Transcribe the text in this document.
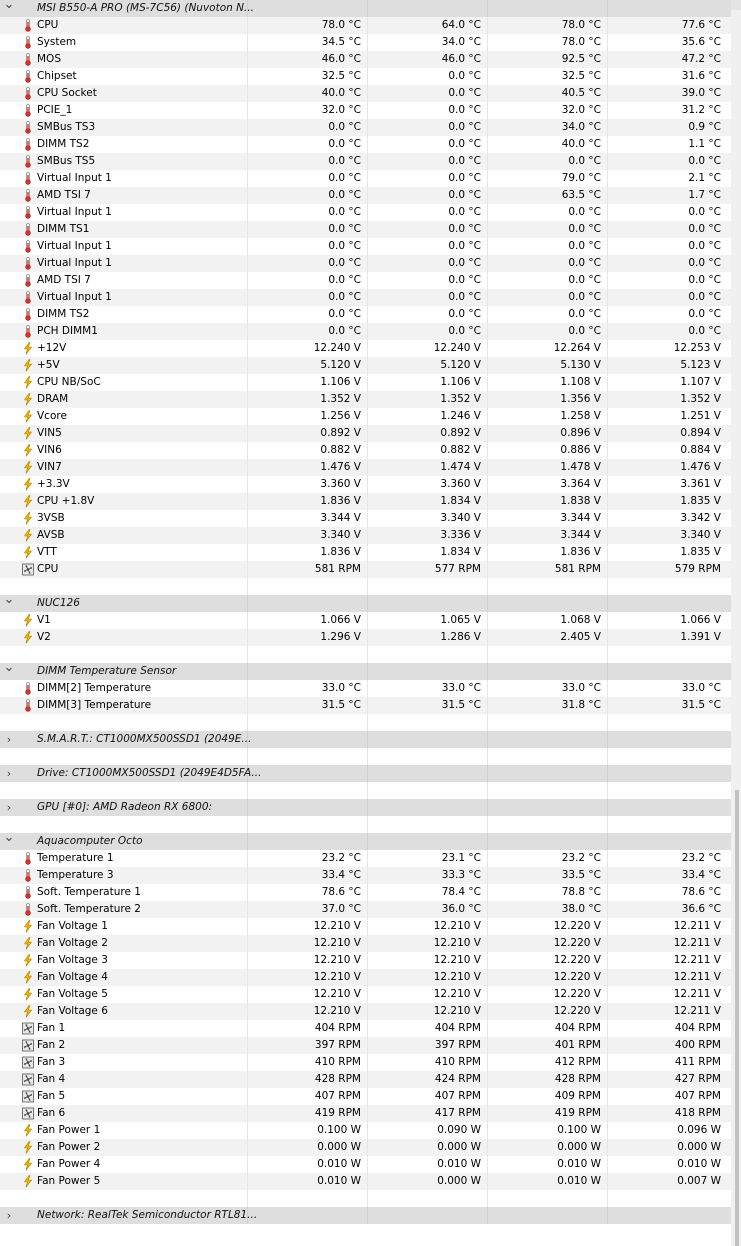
⌄ MSI B550-A PRO (MS-7C56) (Nuvoton N...
CPU	78.0 °C	64.0 °C	78.0 °C	77.6 °C
System	34.5 °C	34.0 °C	78.0 °C	35.6 °C
MOS	46.0 °C	46.0 °C	92.5 °C	47.2 °C
Chipset	32.5 °C	0.0 °C	32.5 °C	31.6 °C
CPU Socket	40.0 °C	0.0 °C	40.5 °C	39.0 °C
PCIE_1	32.0 °C	0.0 °C	32.0 °C	31.2 °C
SMBus TS3	0.0 °C	0.0 °C	34.0 °C	0.9 °C
DIMM TS2	0.0 °C	0.0 °C	40.0 °C	1.1 °C
SMBus TS5	0.0 °C	0.0 °C	0.0 °C	0.0 °C
Virtual Input 1	0.0 °C	0.0 °C	79.0 °C	2.1 °C
AMD TSI 7	0.0 °C	0.0 °C	63.5 °C	1.7 °C
Virtual Input 1	0.0 °C	0.0 °C	0.0 °C	0.0 °C
DIMM TS1	0.0 °C	0.0 °C	0.0 °C	0.0 °C
Virtual Input 1	0.0 °C	0.0 °C	0.0 °C	0.0 °C
Virtual Input 1	0.0 °C	0.0 °C	0.0 °C	0.0 °C
AMD TSI 7	0.0 °C	0.0 °C	0.0 °C	0.0 °C
Virtual Input 1	0.0 °C	0.0 °C	0.0 °C	0.0 °C
DIMM TS2	0.0 °C	0.0 °C	0.0 °C	0.0 °C
PCH DIMM1	0.0 °C	0.0 °C	0.0 °C	0.0 °C
+12V	12.240 V	12.240 V	12.264 V	12.253 V
+5V	5.120 V	5.120 V	5.130 V	5.123 V
CPU NB/SoC	1.106 V	1.106 V	1.108 V	1.107 V
DRAM	1.352 V	1.352 V	1.356 V	1.352 V
Vcore	1.256 V	1.246 V	1.258 V	1.251 V
VIN5	0.892 V	0.892 V	0.896 V	0.894 V
VIN6	0.882 V	0.882 V	0.886 V	0.884 V
VIN7	1.476 V	1.474 V	1.478 V	1.476 V
+3.3V	3.360 V	3.360 V	3.364 V	3.361 V
CPU +1.8V	1.836 V	1.834 V	1.838 V	1.835 V
3VSB	3.344 V	3.340 V	3.344 V	3.342 V
AVSB	3.340 V	3.336 V	3.344 V	3.340 V
VTT	1.836 V	1.834 V	1.836 V	1.835 V
CPU	581 RPM	577 RPM	581 RPM	579 RPM
⌄ NUC126
V1	1.066 V	1.065 V	1.068 V	1.066 V
V2	1.296 V	1.286 V	2.405 V	1.391 V
⌄ DIMM Temperature Sensor
DIMM[2] Temperature	33.0 °C	33.0 °C	33.0 °C	33.0 °C
DIMM[3] Temperature	31.5 °C	31.5 °C	31.8 °C	31.5 °C
›	S.M.A.R.T.: CT1000MX500SSD1 (2049E...
›	Drive: CT1000MX500SSD1 (2049E4D5FA...
›	GPU [#0]: AMD Radeon RX 6800:
⌄ Aquacomputer Octo
Temperature 1	23.2 °C	23.1 °C	23.2 °C	23.2 °C
Temperature 3	33.4 °C	33.3 °C	33.5 °C	33.4 °C
Soft. Temperature 1	78.6 °C	78.4 °C	78.8 °C	78.6 °C
Soft. Temperature 2	37.0 °C	36.0 °C	38.0 °C	36.6 °C
Fan Voltage 1	12.210 V	12.210 V	12.220 V	12.211 V
Fan Voltage 2	12.210 V	12.210 V	12.220 V	12.211 V
Fan Voltage 3	12.210 V	12.210 V	12.220 V	12.211 V
Fan Voltage 4	12.210 V	12.210 V	12.220 V	12.211 V
Fan Voltage 5	12.210 V	12.210 V	12.220 V	12.211 V
Fan Voltage 6	12.210 V	12.210 V	12.220 V	12.211 V
Fan 1	404 RPM	404 RPM	404 RPM	404 RPM
Fan 2	397 RPM	397 RPM	401 RPM	400 RPM
Fan 3	410 RPM	410 RPM	412 RPM	411 RPM
Fan 4	428 RPM	424 RPM	428 RPM	427 RPM
Fan 5	407 RPM	407 RPM	409 RPM	407 RPM
Fan 6	419 RPM	417 RPM	419 RPM	418 RPM
Fan Power 1	0.100 W	0.090 W	0.100 W	0.096 W
Fan Power 2	0.000 W	0.000 W	0.000 W	0.000 W
Fan Power 4	0.010 W	0.010 W	0.010 W	0.010 W
Fan Power 5	0.010 W	0.000 W	0.010 W	0.007 W
›	Network: RealTek Semiconductor RTL81...
